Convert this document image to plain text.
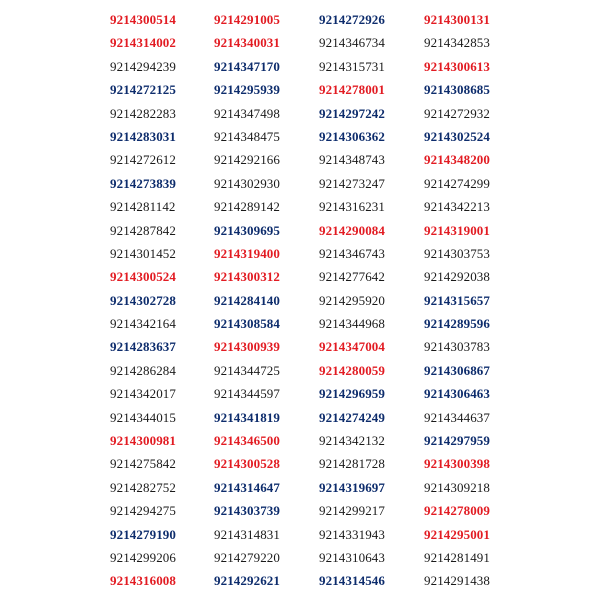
9214300514
9214314002
9214294239
9214272125
9214282283
9214283031
9214272612
9214273839
9214281142
9214287842
9214301452
9214300524
9214302728
9214342164
9214283637
9214286284
9214342017
9214344015
9214300981
9214275842
9214282752
9214294275
9214279190
9214299206
9214316008
9214291005
9214340031
9214347170
9214295939
9214347498
9214348475
9214292166
9214302930
9214289142
9214309695
9214319400
9214300312
9214284140
9214308584
9214300939
9214344725
9214344597
9214341819
9214346500
9214300528
9214314647
9214303739
9214314831
9214279220
9214292621
9214272926
9214346734
9214315731
9214278001
9214297242
9214306362
9214348743
9214273247
9214316231
9214290084
9214346743
9214277642
9214295920
9214344968
9214347004
9214280059
9214296959
9214274249
9214342132
9214281728
9214319697
9214299217
9214331943
9214310643
9214314546
9214300131
9214342853
9214300613
9214308685
9214272932
9214302524
9214348200
9214274299
9214342213
9214319001
9214303753
9214292038
9214315657
9214289596
9214303783
9214306867
9214306463
9214344637
9214297959
9214300398
9214309218
9214278009
9214295001
9214281491
9214291438
